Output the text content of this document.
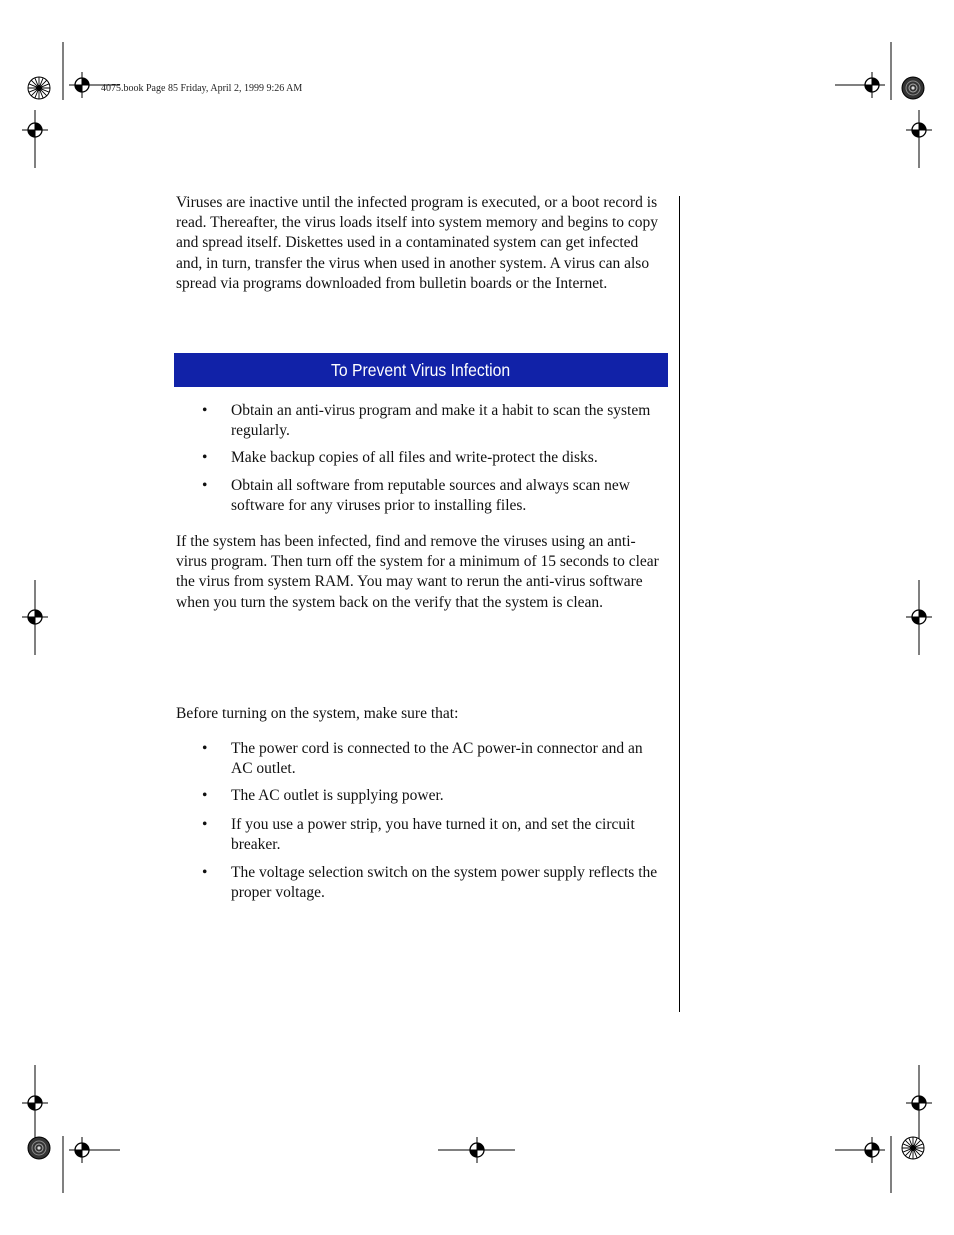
4075.book Page 85 Friday, April 2, 1999 9:26 AM

Viruses are inactive until the infected program is executed, or a boot record is read. Thereafter, the virus loads itself into system memory and begins to copy and spread itself. Diskettes used in a contaminated system can get infected and, in turn, transfer the virus when used in another system. A virus can also spread via programs downloaded from bulletin boards or the Internet.

To Prevent Virus Infection
• Obtain an anti-virus program and make it a habit to scan the system regularly.
• Make backup copies of all files and write-protect the disks.
• Obtain all software from reputable sources and always scan new software for any viruses prior to installing files.

If the system has been infected, find and remove the viruses using an anti-virus program. Then turn off the system for a minimum of 15 seconds to clear the virus from system RAM. You may want to rerun the anti-virus software when you turn the system back on the verify that the system is clean.

Before turning on the system, make sure that:

• The power cord is connected to the AC power-in connector and an AC outlet.
• The AC outlet is supplying power.
• If you use a power strip, you have turned it on, and set the circuit breaker.
• The voltage selection switch on the system power supply reflects the proper voltage.
